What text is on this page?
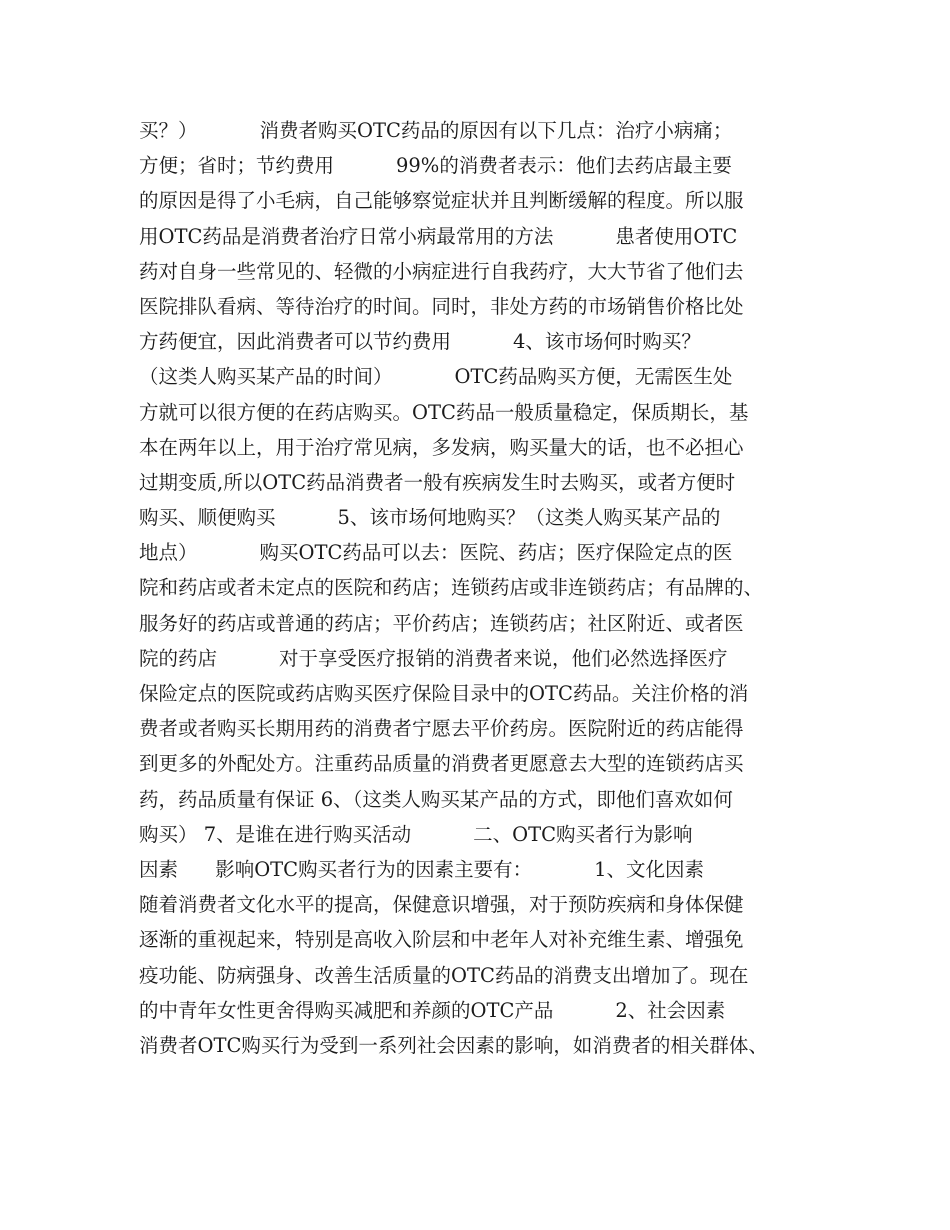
买？）          消费者购买OTC药品的原因有以下几点：治疗小病痛；
方便；省时；节约费用          99%的消费者表示：他们去药店最主要
的原因是得了小毛病，自己能够察觉症状并且判断缓解的程度。所以服
用OTC药品是消费者治疗日常小病最常用的方法          患者使用OTC
药对自身一些常见的、轻微的小病症进行自我药疗，大大节省了他们去
医院排队看病、等待治疗的时间。同时，非处方药的市场销售价格比处
方药便宜，因此消费者可以节约费用          4、该市场何时购买？
（这类人购买某产品的时间）          OTC药品购买方便，无需医生处
方就可以很方便的在药店购买。OTC药品一般质量稳定，保质期长，基
本在两年以上，用于治疗常见病，多发病，购买量大的话，也不必担心
过期变质,所以OTC药品消费者一般有疾病发生时去购买，或者方便时
购买、顺便购买          5、该市场何地购买？（这类人购买某产品的
地点）          购买OTC药品可以去：医院、药店；医疗保险定点的医
院和药店或者未定点的医院和药店；连锁药店或非连锁药店；有品牌的、
服务好的药店或普通的药店；平价药店；连锁药店；社区附近、或者医
院的药店          对于享受医疗报销的消费者来说，他们必然选择医疗
保险定点的医院或药店购买医疗保险目录中的OTC药品。关注价格的消
费者或者购买长期用药的消费者宁愿去平价药房。医院附近的药店能得
到更多的外配处方。注重药品质量的消费者更愿意去大型的连锁药店买
药，药品质量有保证 6、（这类人购买某产品的方式，即他们喜欢如何
购买） 7、是谁在进行购买活动          二、OTC购买者行为影响
因素      影响OTC购买者行为的因素主要有：          1、文化因素
随着消费者文化水平的提高，保健意识增强，对于预防疾病和身体保健
逐渐的重视起来，特别是高收入阶层和中老年人对补充维生素、增强免
疫功能、防病强身、改善生活质量的OTC药品的消费支出增加了。现在
的中青年女性更舍得购买减肥和养颜的OTC产品          2、社会因素
消费者OTC购买行为受到一系列社会因素的影响，如消费者的相关群体、
